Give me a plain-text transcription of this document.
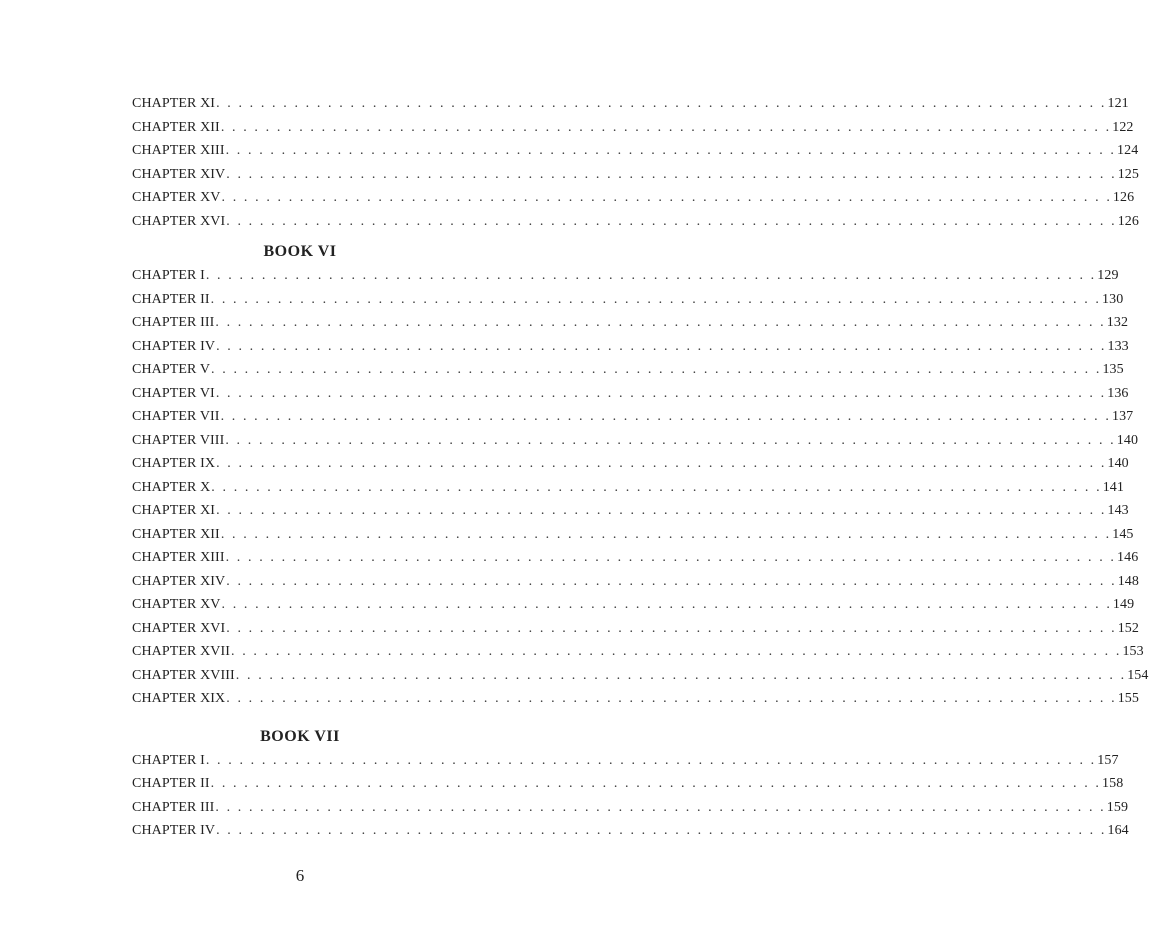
CHAPTER XI . . . . . . . . . . . . . . . . . . . . . . . . . . . . . . . . . . . . . . . . . . . . . . . . . . . . . . . . . . . . . . . . . . . . . . . . . . . . . . . . 121
CHAPTER XII . . . . . . . . . . . . . . . . . . . . . . . . . . . . . . . . . . . . . . . . . . . . . . . . . . . . . . . . . . . . . . . . . . . . . . . . . . . . . . . . 122
CHAPTER XIII . . . . . . . . . . . . . . . . . . . . . . . . . . . . . . . . . . . . . . . . . . . . . . . . . . . . . . . . . . . . . . . . . . . . . . . . . . . . . . . . 124
CHAPTER XIV . . . . . . . . . . . . . . . . . . . . . . . . . . . . . . . . . . . . . . . . . . . . . . . . . . . . . . . . . . . . . . . . . . . . . . . . . . . . . . . . 125
CHAPTER XV . . . . . . . . . . . . . . . . . . . . . . . . . . . . . . . . . . . . . . . . . . . . . . . . . . . . . . . . . . . . . . . . . . . . . . . . . . . . . . . . 126
CHAPTER XVI . . . . . . . . . . . . . . . . . . . . . . . . . . . . . . . . . . . . . . . . . . . . . . . . . . . . . . . . . . . . . . . . . . . . . . . . . . . . . . . . 126
BOOK VI
CHAPTER I . . . . . . . . . . . . . . . . . . . . . . . . . . . . . . . . . . . . . . . . . . . . . . . . . . . . . . . . . . . . . . . . . . . . . . . . . . . . . . . . 129
CHAPTER II . . . . . . . . . . . . . . . . . . . . . . . . . . . . . . . . . . . . . . . . . . . . . . . . . . . . . . . . . . . . . . . . . . . . . . . . . . . . . . . . 130
CHAPTER III . . . . . . . . . . . . . . . . . . . . . . . . . . . . . . . . . . . . . . . . . . . . . . . . . . . . . . . . . . . . . . . . . . . . . . . . . . . . . . . . 132
CHAPTER IV . . . . . . . . . . . . . . . . . . . . . . . . . . . . . . . . . . . . . . . . . . . . . . . . . . . . . . . . . . . . . . . . . . . . . . . . . . . . . . . . 133
CHAPTER V . . . . . . . . . . . . . . . . . . . . . . . . . . . . . . . . . . . . . . . . . . . . . . . . . . . . . . . . . . . . . . . . . . . . . . . . . . . . . . . . 135
CHAPTER VI . . . . . . . . . . . . . . . . . . . . . . . . . . . . . . . . . . . . . . . . . . . . . . . . . . . . . . . . . . . . . . . . . . . . . . . . . . . . . . . . 136
CHAPTER VII . . . . . . . . . . . . . . . . . . . . . . . . . . . . . . . . . . . . . . . . . . . . . . . . . . . . . . . . . . . . . . . . . . . . . . . . . . . . . . . . 137
CHAPTER VIII . . . . . . . . . . . . . . . . . . . . . . . . . . . . . . . . . . . . . . . . . . . . . . . . . . . . . . . . . . . . . . . . . . . . . . . . . . . . . . . . 140
CHAPTER IX . . . . . . . . . . . . . . . . . . . . . . . . . . . . . . . . . . . . . . . . . . . . . . . . . . . . . . . . . . . . . . . . . . . . . . . . . . . . . . . . 140
CHAPTER X . . . . . . . . . . . . . . . . . . . . . . . . . . . . . . . . . . . . . . . . . . . . . . . . . . . . . . . . . . . . . . . . . . . . . . . . . . . . . . . . 141
CHAPTER XI . . . . . . . . . . . . . . . . . . . . . . . . . . . . . . . . . . . . . . . . . . . . . . . . . . . . . . . . . . . . . . . . . . . . . . . . . . . . . . . . 143
CHAPTER XII . . . . . . . . . . . . . . . . . . . . . . . . . . . . . . . . . . . . . . . . . . . . . . . . . . . . . . . . . . . . . . . . . . . . . . . . . . . . . . . . 145
CHAPTER XIII . . . . . . . . . . . . . . . . . . . . . . . . . . . . . . . . . . . . . . . . . . . . . . . . . . . . . . . . . . . . . . . . . . . . . . . . . . . . . . . . 146
CHAPTER XIV . . . . . . . . . . . . . . . . . . . . . . . . . . . . . . . . . . . . . . . . . . . . . . . . . . . . . . . . . . . . . . . . . . . . . . . . . . . . . . . . 148
CHAPTER XV . . . . . . . . . . . . . . . . . . . . . . . . . . . . . . . . . . . . . . . . . . . . . . . . . . . . . . . . . . . . . . . . . . . . . . . . . . . . . . . . 149
CHAPTER XVI . . . . . . . . . . . . . . . . . . . . . . . . . . . . . . . . . . . . . . . . . . . . . . . . . . . . . . . . . . . . . . . . . . . . . . . . . . . . . . . . 152
CHAPTER XVII . . . . . . . . . . . . . . . . . . . . . . . . . . . . . . . . . . . . . . . . . . . . . . . . . . . . . . . . . . . . . . . . . . . . . . . . . . . . . . . . 153
CHAPTER XVIII . . . . . . . . . . . . . . . . . . . . . . . . . . . . . . . . . . . . . . . . . . . . . . . . . . . . . . . . . . . . . . . . . . . . . . . . . . . . . . . . 154
CHAPTER XIX . . . . . . . . . . . . . . . . . . . . . . . . . . . . . . . . . . . . . . . . . . . . . . . . . . . . . . . . . . . . . . . . . . . . . . . . . . . . . . . . 155
BOOK VII
CHAPTER I . . . . . . . . . . . . . . . . . . . . . . . . . . . . . . . . . . . . . . . . . . . . . . . . . . . . . . . . . . . . . . . . . . . . . . . . . . . . . . . . 157
CHAPTER II . . . . . . . . . . . . . . . . . . . . . . . . . . . . . . . . . . . . . . . . . . . . . . . . . . . . . . . . . . . . . . . . . . . . . . . . . . . . . . . . 158
CHAPTER III . . . . . . . . . . . . . . . . . . . . . . . . . . . . . . . . . . . . . . . . . . . . . . . . . . . . . . . . . . . . . . . . . . . . . . . . . . . . . . . . 159
CHAPTER IV . . . . . . . . . . . . . . . . . . . . . . . . . . . . . . . . . . . . . . . . . . . . . . . . . . . . . . . . . . . . . . . . . . . . . . . . . . . . . . . . 164
6
